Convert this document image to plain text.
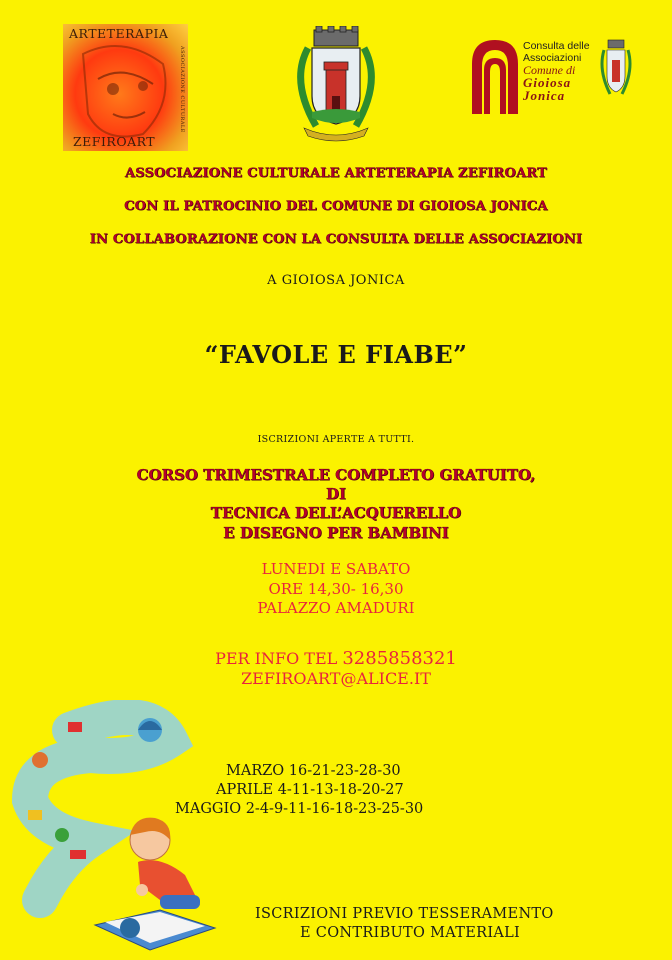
ARTETERAPIA
ASSOCIAZIONE CULTURALE
ZEFIROART
Consulta delle
Associazioni
Comune di
Gioiosa
Jonica
ASSOCIAZIONE CULTURALE ARTETERAPIA ZEFIROART
CON IL PATROCINIO DEL COMUNE DI GIOIOSA JONICA
IN COLLABORAZIONE CON LA CONSULTA DELLE ASSOCIAZIONI
A GIOIOSA JONICA
“FAVOLE E FIABE”
ISCRIZIONI APERTE A TUTTI.
CORSO TRIMESTRALE COMPLETO GRATUITO,
DI
TECNICA DELL’ACQUERELLO
E DISEGNO PER BAMBINI
LUNEDI E SABATO
ORE 14,30- 16,30
PALAZZO AMADURI
PER INFO TEL 3285858321
ZEFIROART@ALICE.IT
MARZO 16-21-23-28-30
APRILE 4-11-13-18-20-27
MAGGIO 2-4-9-11-16-18-23-25-30
ISCRIZIONI PREVIO TESSERAMENTO
E CONTRIBUTO MATERIALI
